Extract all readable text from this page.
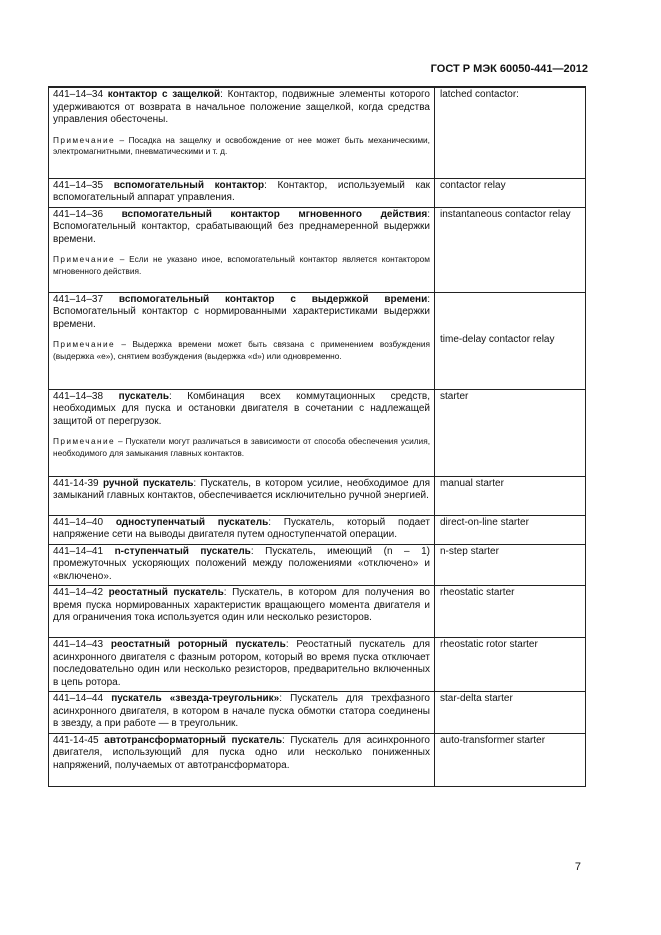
ГОСТ Р МЭК 60050-441—2012

441–14–34 контактор с защелкой: Контактор, подвижные элементы которого удерживаются от возврата в начальное положение защелкой, когда средства управления обесточены.

Примечание – Посадка на защелку и освобождение от нее может быть механическими, электромагнитными, пневматическими и т. д.	latched contactor:

441–14–35 вспомогательный контактор: Контактор, используемый как вспомогательный аппарат управления.	contactor relay

441–14–36 вспомогательный контактор мгновенного действия: Вспомогательный контактор, срабатывающий без преднамеренной выдержки времени.

Примечание – Если не указано иное, вспомогательный контактор является контактором мгновенного действия.	instantaneous contactor relay

441–14–37 вспомогательный контактор с выдержкой времени: Вспомогательный контактор с нормированными характеристиками выдержки времени.

Примечание – Выдержка времени может быть связана с применением возбуждения (выдержка «е»), снятием возбуждения (выдержка «d») или одновременно.	time-delay contactor relay

441–14–38 пускатель: Комбинация всех коммутационных средств, необходимых для пуска и остановки двигателя в сочетании с надлежащей защитой от перегрузок.

Примечание – Пускатели могут различаться в зависимости от способа обеспечения усилия, необходимого для замыкания главных контактов.	starter

441-14-39 ручной пускатель: Пускатель, в котором усилие, необходимое для замыканий главных контактов, обеспечивается исключительно ручной энергией.	manual starter

441–14–40 одноступенчатый пускатель: Пускатель, который подает напряжение сети на выводы двигателя путем одноступенчатой операции.	direct-on-line starter

441–14–41 n-ступенчатый пускатель: Пускатель, имеющий (n – 1) промежуточных ускоряющих положений между положениями «отключено» и «включено».	n-step starter

441–14–42 реостатный пускатель: Пускатель, в котором для получения во время пуска нормированных характеристик вращающего момента двигателя и для ограничения тока используется один или несколько резисторов.	rheostatic starter

441–14–43 реостатный роторный пускатель: Реостатный пускатель для асинхронного двигателя с фазным ротором, который во время пуска отключает последовательно один или несколько резисторов, предварительно включенных в цепь ротора.	rheostatic rotor starter

441–14–44 пускатель «звезда-треугольник»: Пускатель для трехфазного асинхронного двигателя, в котором в начале пуска обмотки статора соединены в звезду, а при работе — в треугольник.	star-delta starter

441-14-45 автотрансформаторный пускатель: Пускатель для асинхронного двигателя, использующий для пуска одно или несколько пониженных напряжений, получаемых от автотрансформатора.	auto-transformer starter
7
